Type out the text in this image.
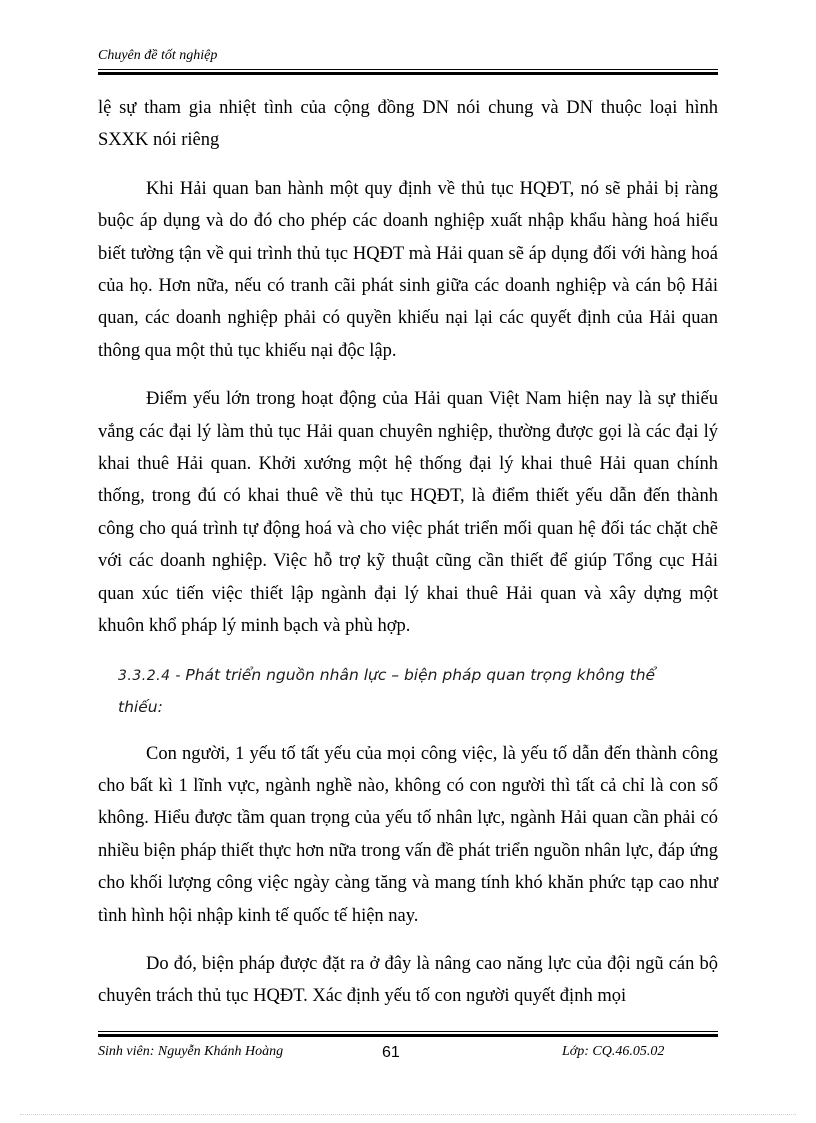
Chuyên đề tốt nghiệp

lệ sự tham gia nhiệt tình của cộng đồng DN nói chung và DN thuộc loại hình SXXK nói riêng

Khi Hải quan ban hành một quy định về thủ tục HQĐT, nó sẽ phải bị ràng buộc áp dụng và do đó cho phép các doanh nghiệp xuất nhập khẩu hàng hoá hiểu biết tường tận về qui trình thủ tục HQĐT mà Hải quan sẽ áp dụng đối với hàng hoá của họ. Hơn nữa, nếu có tranh cãi phát sinh giữa các doanh nghiệp và cán bộ Hải quan, các doanh nghiệp phải có quyền khiếu nại lại các quyết định của Hải quan thông qua một thủ tục khiếu nại độc lập.

Điểm yếu lớn trong hoạt động của Hải quan Việt Nam hiện nay là sự thiếu vắng các đại lý làm thủ tục Hải quan chuyên nghiệp, thường được gọi là các đại lý khai thuê Hải quan. Khởi xướng một hệ thống đại lý khai thuê Hải quan chính thống, trong đú có khai thuê về thủ tục HQĐT, là điểm thiết yếu dẫn đến thành công cho quá trình tự động hoá và cho việc phát triển mối quan hệ đối tác chặt chẽ với các doanh nghiệp. Việc hỗ trợ kỹ thuật cũng cần thiết để giúp Tổng cục Hải quan xúc tiến việc thiết lập ngành đại lý khai thuê Hải quan và xây dựng một khuôn khổ pháp lý minh bạch và phù hợp.

3.3.2.4 - Phát triển nguồn nhân lực – biện pháp quan trọng không thể thiếu:

Con người, 1 yếu tố tất yếu của mọi công việc, là yếu tố dẫn đến thành công cho bất kì 1 lĩnh vực, ngành nghề nào, không có con người thì tất cả chỉ là con số không. Hiểu được tầm quan trọng của yếu tố nhân lực, ngành Hải quan cần phải có nhiều biện pháp thiết thực hơn nữa trong vấn đề phát triển nguồn nhân lực, đáp ứng cho khối lượng công việc ngày càng tăng và mang tính khó khăn phức tạp cao như tình hình hội nhập kinh tế quốc tế hiện nay.

Do đó, biện pháp được đặt ra ở đây là nâng cao năng lực của đội ngũ cán bộ chuyên trách thủ tục HQĐT. Xác định yếu tố con người quyết định mọi

Sinh viên: Nguyễn Khánh Hoàng	61	Lớp: CQ.46.05.02
